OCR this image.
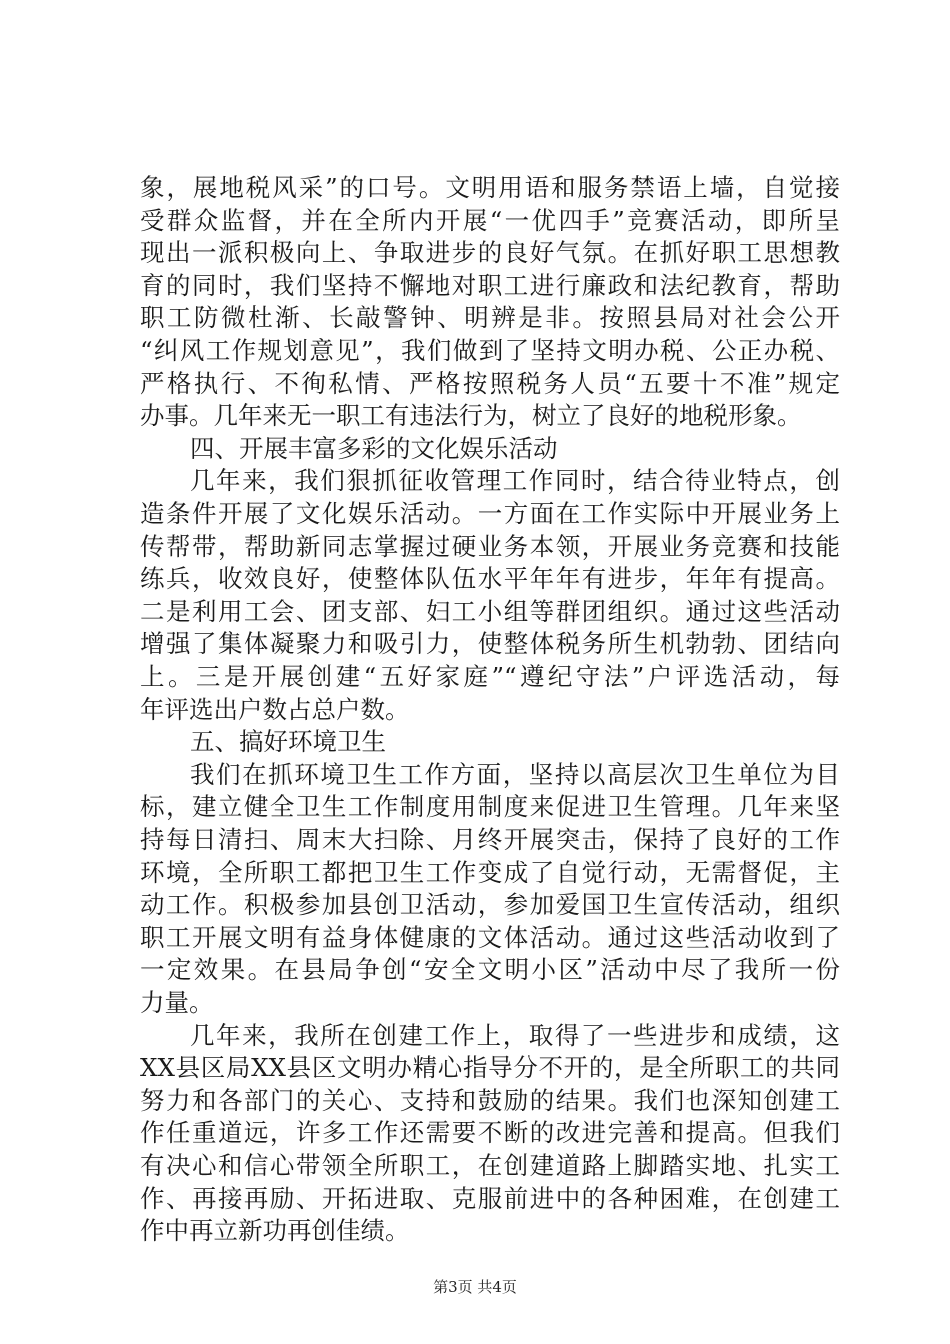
象，展地税风采”的口号。文明用语和服务禁语上墙，自觉接
受群众监督，并在全所内开展“一优四手”竞赛活动，即所呈
现出一派积极向上、争取进步的良好气氛。在抓好职工思想教
育的同时，我们坚持不懈地对职工进行廉政和法纪教育，帮助
职工防微杜渐、长敲警钟、明辨是非。按照县局对社会公开
“纠风工作规划意见”，我们做到了坚持文明办税、公正办税、
严格执行、不徇私情、严格按照税务人员“五要十不准”规定
办事。几年来无一职工有违法行为，树立了良好的地税形象。
四、开展丰富多彩的文化娱乐活动
几年来，我们狠抓征收管理工作同时，结合待业特点，创
造条件开展了文化娱乐活动。一方面在工作实际中开展业务上
传帮带，帮助新同志掌握过硬业务本领，开展业务竞赛和技能
练兵，收效良好，使整体队伍水平年年有进步，年年有提高。
二是利用工会、团支部、妇工小组等群团组织。通过这些活动
增强了集体凝聚力和吸引力，使整体税务所生机勃勃、团结向
上。三是开展创建“五好家庭”“遵纪守法”户评选活动，每
年评选出户数占总户数。
五、搞好环境卫生
我们在抓环境卫生工作方面，坚持以高层次卫生单位为目
标，建立健全卫生工作制度用制度来促进卫生管理。几年来坚
持每日清扫、周末大扫除、月终开展突击，保持了良好的工作
环境，全所职工都把卫生工作变成了自觉行动，无需督促，主
动工作。积极参加县创卫活动，参加爱国卫生宣传活动，组织
职工开展文明有益身体健康的文体活动。通过这些活动收到了
一定效果。在县局争创“安全文明小区”活动中尽了我所一份
力量。
几年来，我所在创建工作上，取得了一些进步和成绩，这
XX县区局XX县区文明办精心指导分不开的，是全所职工的共同
努力和各部门的关心、支持和鼓励的结果。我们也深知创建工
作任重道远，许多工作还需要不断的改进完善和提高。但我们
有决心和信心带领全所职工，在创建道路上脚踏实地、扎实工
作、再接再励、开拓进取、克服前进中的各种困难，在创建工
第3页 共4页
作中再立新功再创佳绩。
